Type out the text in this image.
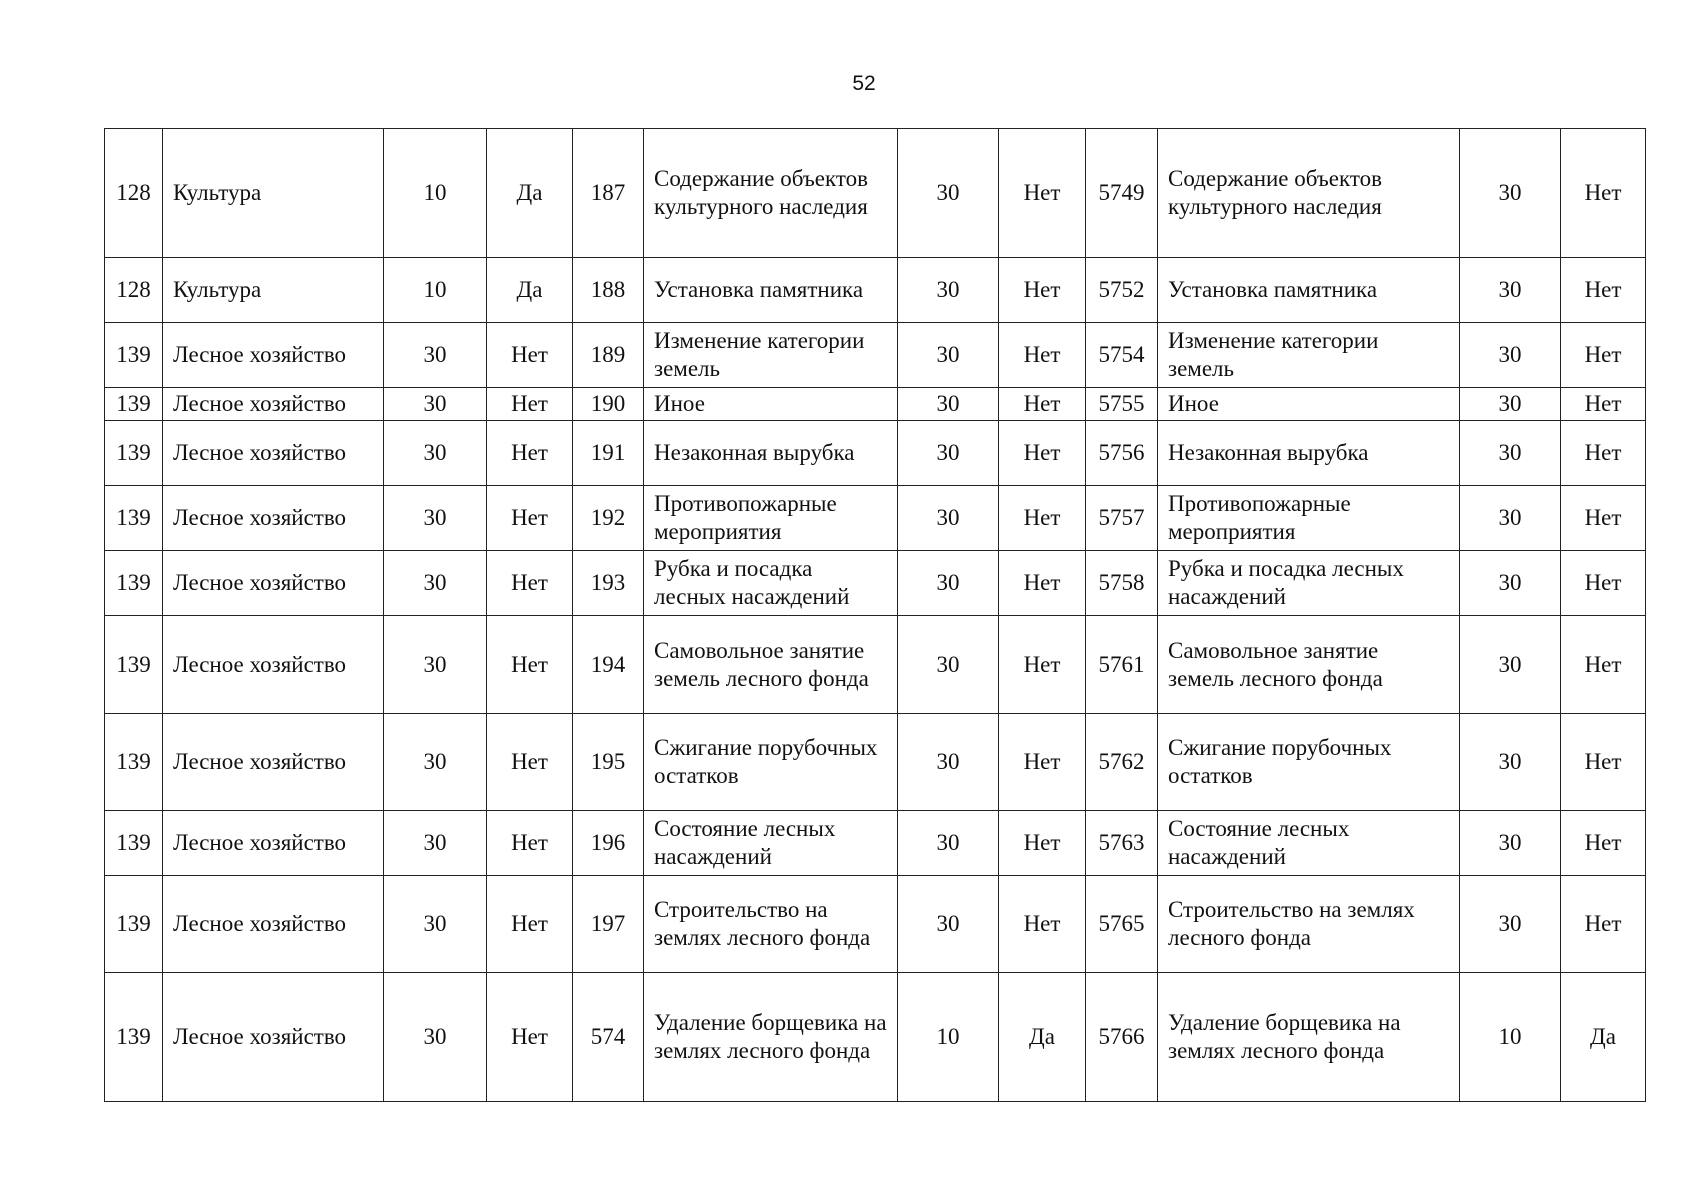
52
128	Культура	10	Да	187	Содержание объектов культурного наследия	30	Нет	5749	Содержание объектов культурного наследия	30	Нет
128	Культура	10	Да	188	Установка памятника	30	Нет	5752	Установка памятника	30	Нет
139	Лесное хозяйство	30	Нет	189	Изменение категории земель	30	Нет	5754	Изменение категории земель	30	Нет
139	Лесное хозяйство	30	Нет	190	Иное	30	Нет	5755	Иное	30	Нет
139	Лесное хозяйство	30	Нет	191	Незаконная вырубка	30	Нет	5756	Незаконная вырубка	30	Нет
139	Лесное хозяйство	30	Нет	192	Противопожарные мероприятия	30	Нет	5757	Противопожарные мероприятия	30	Нет
139	Лесное хозяйство	30	Нет	193	Рубка и посадка лесных насаждений	30	Нет	5758	Рубка и посадка лесных насаждений	30	Нет
139	Лесное хозяйство	30	Нет	194	Самовольное занятие земель лесного фонда	30	Нет	5761	Самовольное занятие земель лесного фонда	30	Нет
139	Лесное хозяйство	30	Нет	195	Сжигание порубочных остатков	30	Нет	5762	Сжигание порубочных остатков	30	Нет
139	Лесное хозяйство	30	Нет	196	Состояние лесных насаждений	30	Нет	5763	Состояние лесных насаждений	30	Нет
139	Лесное хозяйство	30	Нет	197	Строительство на землях лесного фонда	30	Нет	5765	Строительство на землях лесного фонда	30	Нет
139	Лесное хозяйство	30	Нет	574	Удаление борщевика на землях лесного фонда	10	Да	5766	Удаление борщевика на землях лесного фонда	10	Да
